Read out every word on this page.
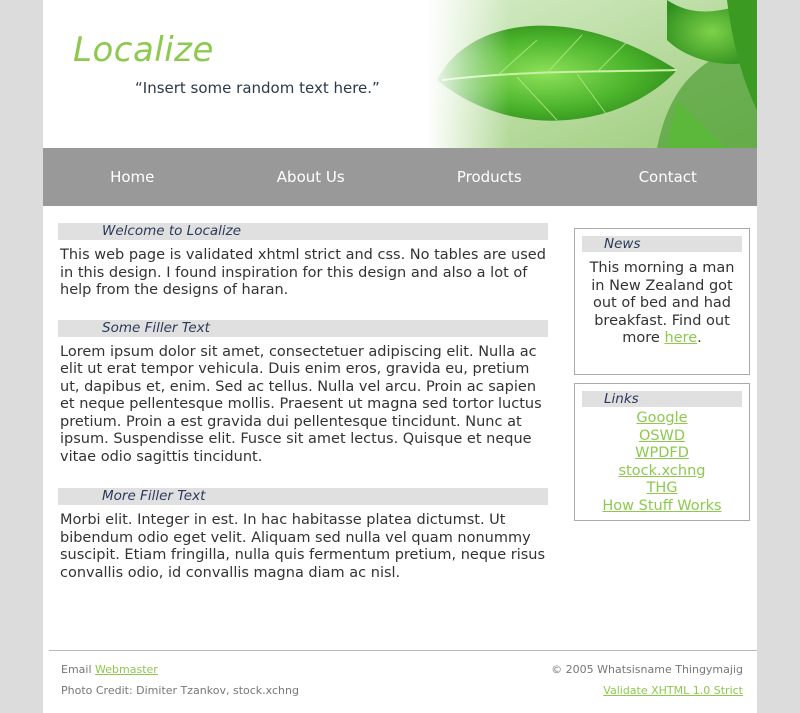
Localize
“Insert some random text here.”
Home	About Us	Products	Contact
Welcome to Localize
This web page is validated xhtml strict and css. No tables are used in this design. I found inspiration for this design and also a lot of help from the designs of haran.
Some Filler Text
Lorem ipsum dolor sit amet, consectetuer adipiscing elit. Nulla ac elit ut erat tempor vehicula. Duis enim eros, gravida eu, pretium ut, dapibus et, enim. Sed ac tellus. Nulla vel arcu. Proin ac sapien et neque pellentesque mollis. Praesent ut magna sed tortor luctus pretium. Proin a est gravida dui pellentesque tincidunt. Nunc at ipsum. Suspendisse elit. Fusce sit amet lectus. Quisque et neque vitae odio sagittis tincidunt.
More Filler Text
Morbi elit. Integer in est. In hac habitasse platea dictumst. Ut bibendum odio eget velit. Aliquam sed nulla vel quam nonummy suscipit. Etiam fringilla, nulla quis fermentum pretium, neque risus convallis odio, id convallis magna diam ac nisl.
News
This morning a man in New Zealand got out of bed and had breakfast. Find out more here.
Links
Google
OSWD
WPDFD
stock.xchng
THG
How Stuff Works
Email Webmaster
Photo Credit: Dimiter Tzankov, stock.xchng
© 2005 Whatsisname Thingymajig
Validate XHTML 1.0 Strict
